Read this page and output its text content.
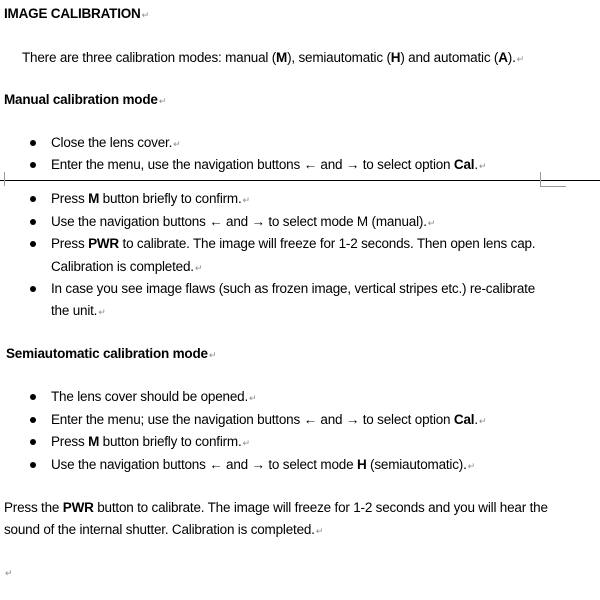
IMAGE CALIBRATION↵
There are three calibration modes: manual (M), semiautomatic (H) and automatic (A).↵
Manual calibration mode↵
Close the lens cover.↵
Enter the menu, use the navigation buttons ← and → to select option Cal.↵
Press M button briefly to confirm.↵
Use the navigation buttons ← and → to select mode M (manual).↵
Press PWR to calibrate. The image will freeze for 1-2 seconds. Then open lens cap.
Calibration is completed.↵
In case you see image flaws (such as frozen image, vertical stripes etc.) re-calibrate
the unit.↵
Semiautomatic calibration mode↵
The lens cover should be opened.↵
Enter the menu; use the navigation buttons ← and → to select option Cal.↵
Press M button briefly to confirm.↵
Use the navigation buttons ← and → to select mode H (semiautomatic).↵
Press the PWR button to calibrate. The image will freeze for 1-2 seconds and you will hear the
sound of the internal shutter. Calibration is completed.↵
↵
